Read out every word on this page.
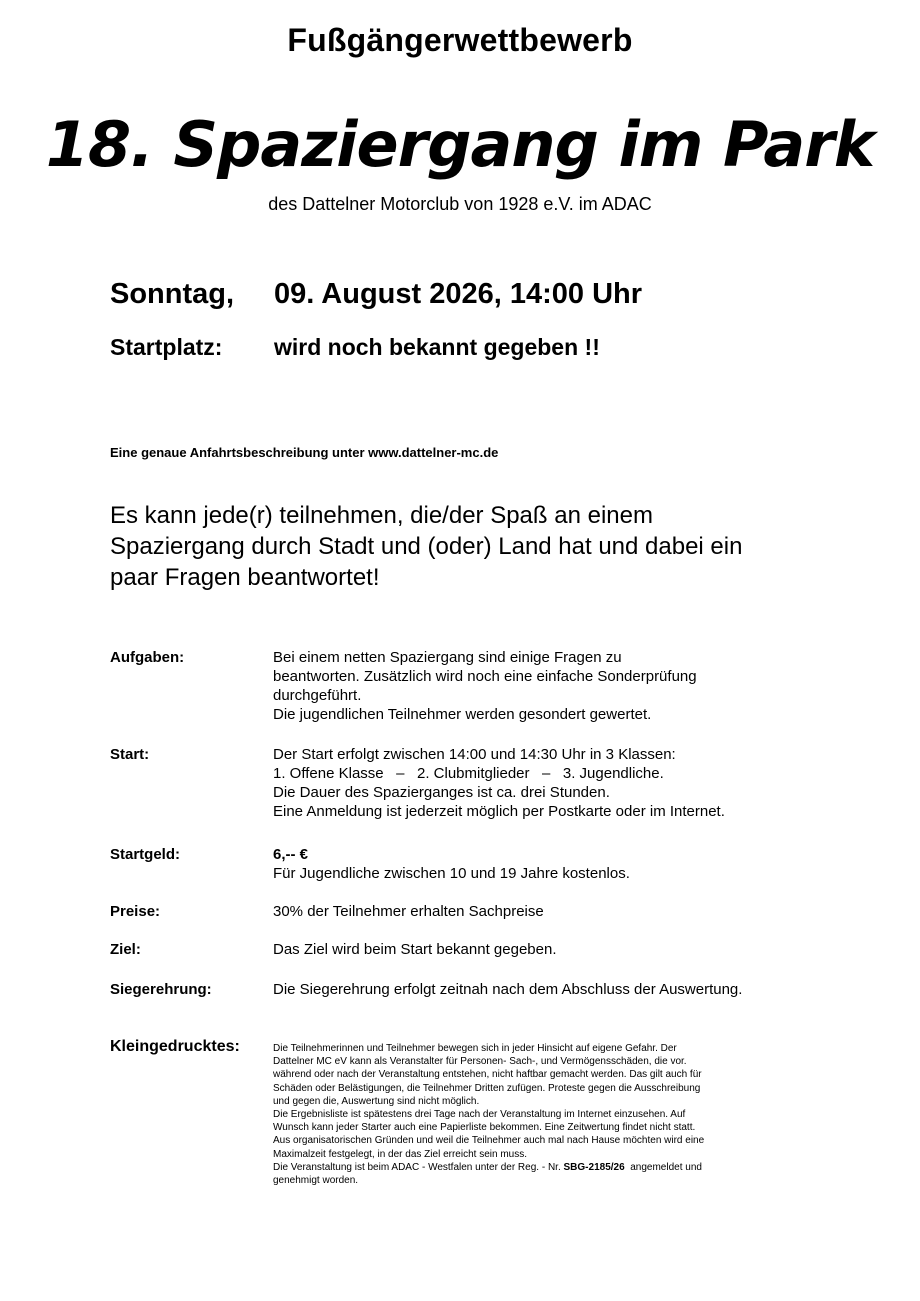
Fußgängerwettbewerb
18. Spaziergang im Park
des Dattelner Motorclub von 1928 e.V. im ADAC
Sonntag, 09. August 2026, 14:00 Uhr
Startplatz: wird noch bekannt gegeben !!
Eine genaue Anfahrtsbeschreibung unter www.dattelner-mc.de
Es kann jede(r) teilnehmen, die/der Spaß an einem
Spaziergang durch Stadt und (oder) Land hat und dabei ein
paar Fragen beantwortet!
Aufgaben:	Bei einem netten Spaziergang sind einige Fragen zu
beantworten. Zusätzlich wird noch eine einfache Sonderprüfung
durchgeführt.
Die jugendlichen Teilnehmer werden gesondert gewertet.
Start:	Der Start erfolgt zwischen 14:00 und 14:30 Uhr in 3 Klassen:
1. Offene Klasse   –   2. Clubmitglieder   –   3. Jugendliche.
Die Dauer des Spazierganges ist ca. drei Stunden.
Eine Anmeldung ist jederzeit möglich per Postkarte oder im Internet.
Startgeld:	6,-- €
Für Jugendliche zwischen 10 und 19 Jahre kostenlos.
Preise:	30% der Teilnehmer erhalten Sachpreise
Ziel:	Das Ziel wird beim Start bekannt gegeben.
Siegerehrung:	Die Siegerehrung erfolgt zeitnah nach dem Abschluss der Auswertung.
Kleingedrucktes:	Die Teilnehmerinnen und Teilnehmer bewegen sich in jeder Hinsicht auf eigene Gefahr. Der
Dattelner MC eV kann als Veranstalter für Personen- Sach-, und Vermögensschäden, die vor.
während oder nach der Veranstaltung entstehen, nicht haftbar gemacht werden. Das gilt auch für
Schäden oder Belästigungen, die Teilnehmer Dritten zufügen. Proteste gegen die Ausschreibung
und gegen die, Auswertung sind nicht möglich.
Die Ergebnisliste ist spätestens drei Tage nach der Veranstaltung im Internet einzusehen. Auf
Wunsch kann jeder Starter auch eine Papierliste bekommen. Eine Zeitwertung findet nicht statt.
Aus organisatorischen Gründen und weil die Teilnehmer auch mal nach Hause möchten wird eine
Maximalzeit festgelegt, in der das Ziel erreicht sein muss.
Die Veranstaltung ist beim ADAC - Westfalen unter der Reg. - Nr. SBG-2185/26 angemeldet und
genehmigt worden.
